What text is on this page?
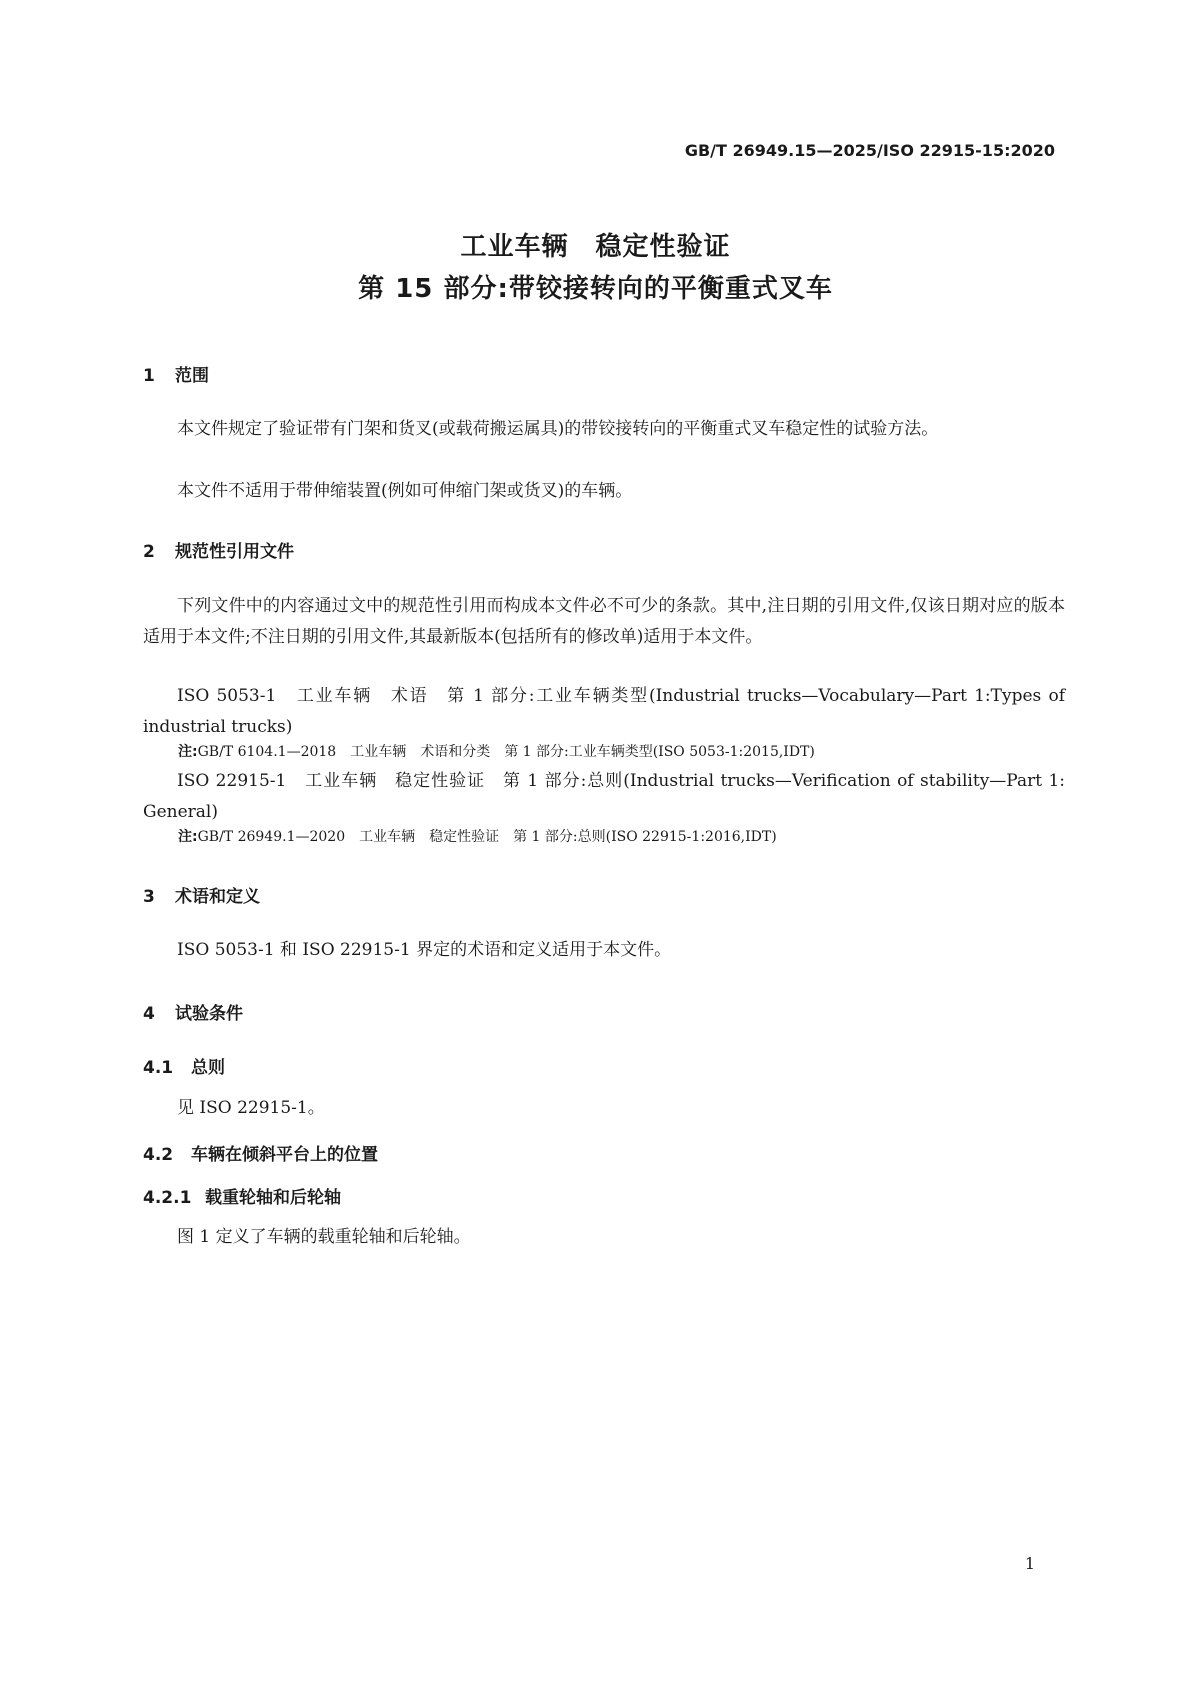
GB/T 26949.15—2025/ISO 22915-15:2020
工业车辆　稳定性验证
第 15 部分:带铰接转向的平衡重式叉车
1 范围

本文件规定了验证带有门架和货叉(或载荷搬运属具)的带铰接转向的平衡重式叉车稳定性的试验方法。

本文件不适用于带伸缩装置(例如可伸缩门架或货叉)的车辆。

2 规范性引用文件

下列文件中的内容通过文中的规范性引用而构成本文件必不可少的条款。其中,注日期的引用文件,仅该日期对应的版本适用于本文件;不注日期的引用文件,其最新版本(包括所有的修改单)适用于本文件。

ISO 5053-1　工业车辆　术语　第 1 部分:工业车辆类型(Industrial trucks—Vocabulary—Part 1:Types of industrial trucks)

注:GB/T 6104.1—2018　工业车辆　术语和分类　第 1 部分:工业车辆类型(ISO 5053-1:2015,IDT)

ISO 22915-1　工业车辆　稳定性验证　第 1 部分:总则(Industrial trucks—Verification of stability—Part 1: General)

注:GB/T 26949.1—2020　工业车辆　稳定性验证　第 1 部分:总则(ISO 22915-1:2016,IDT)
3 术语和定义

ISO 5053-1 和 ISO 22915-1 界定的术语和定义适用于本文件。

4 试验条件
4.1 总则

见 ISO 22915-1。

4.2 车辆在倾斜平台上的位置
4.2.1 载重轮轴和后轮轴

图 1 定义了车辆的载重轮轴和后轮轴。

1
